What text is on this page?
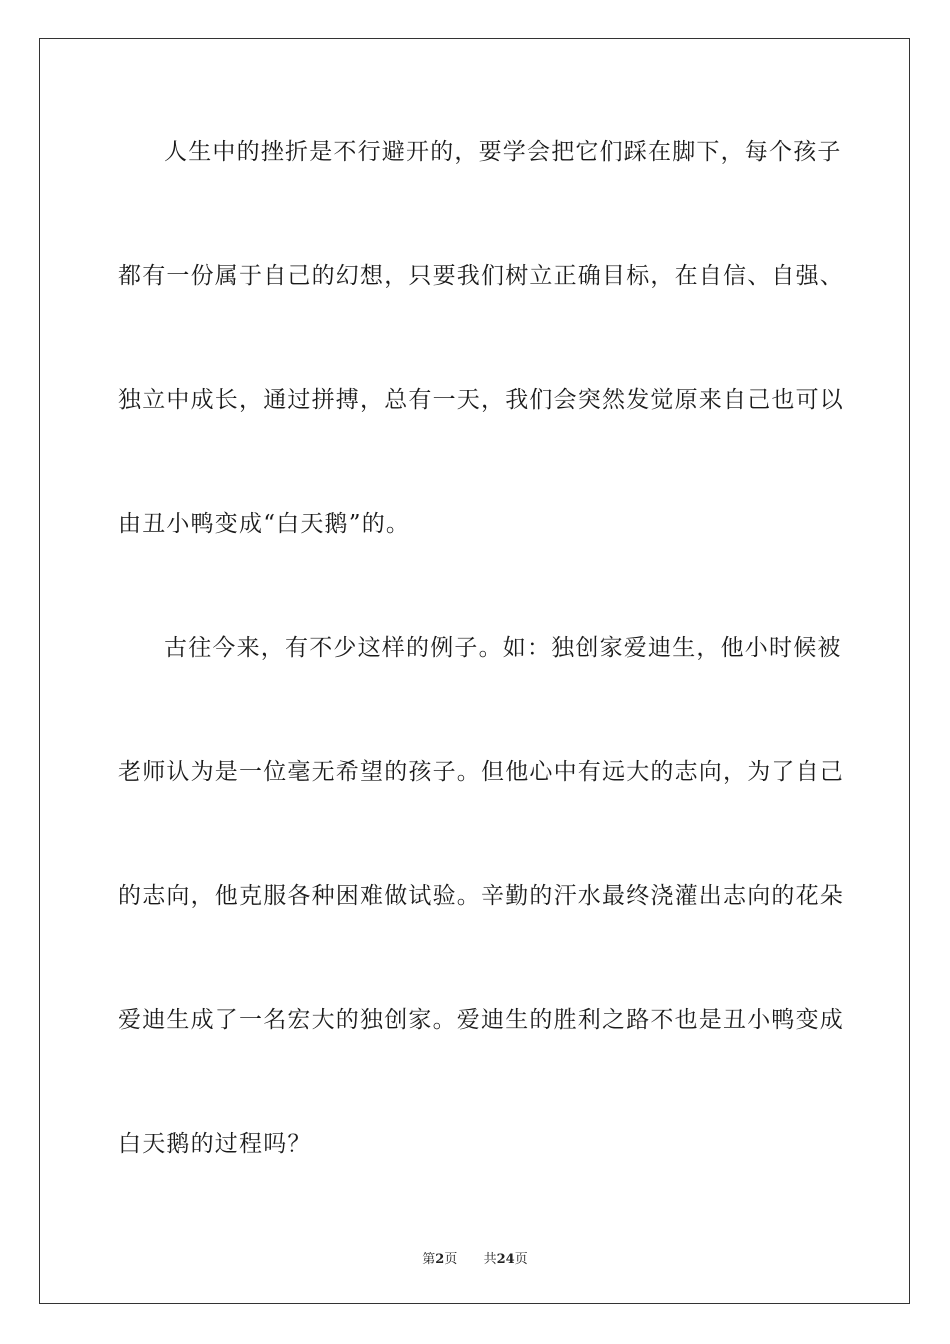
人生中的挫折是不行避开的，要学会把它们踩在脚下，每个孩子
都有一份属于自己的幻想，只要我们树立正确目标，在自信、自强、
独立中成长，通过拼搏，总有一天，我们会突然发觉原来自己也可以
由丑小鸭变成“白天鹅”的。
古往今来，有不少这样的例子。如：独创家爱迪生，他小时候被
老师认为是一位毫无希望的孩子。但他心中有远大的志向，为了自己
的志向，他克服各种困难做试验。辛勤的汗水最终浇灌出志向的花朵
爱迪生成了一名宏大的独创家。爱迪生的胜利之路不也是丑小鸭变成
白天鹅的过程吗？
第2页 共24页
